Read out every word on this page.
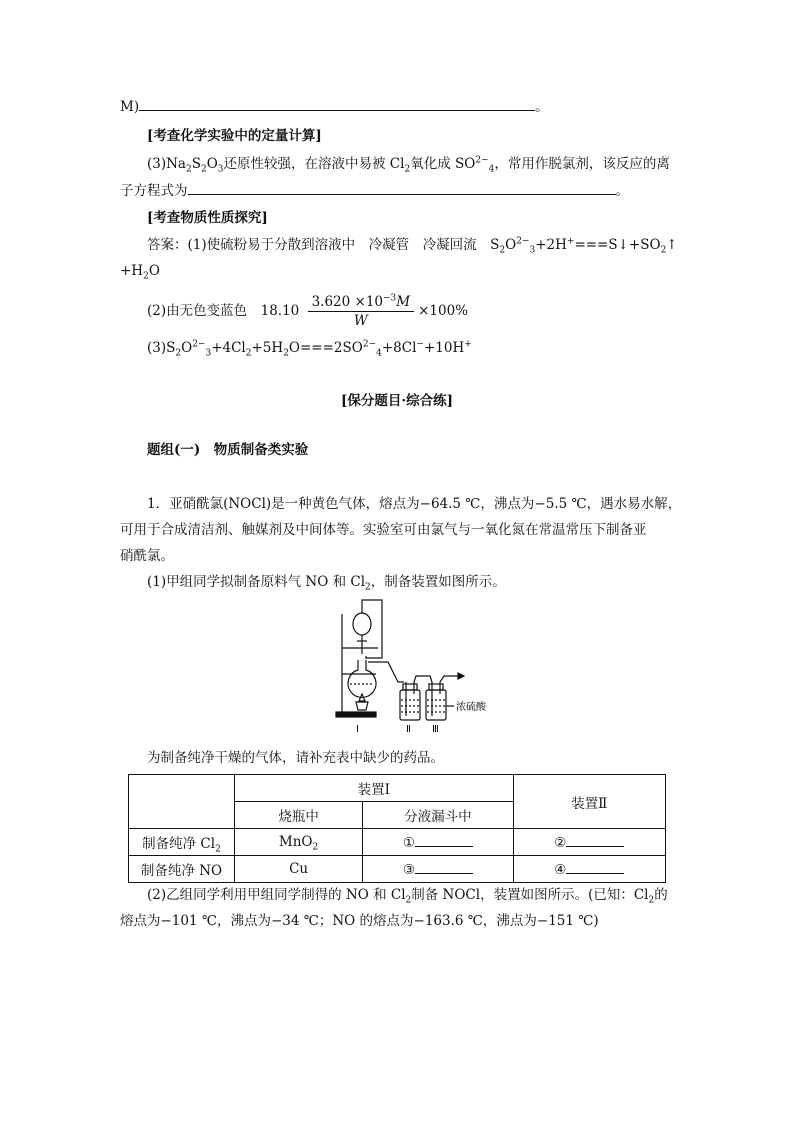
M)	。
[考查化学实验中的定量计算]
$(3)Na_2S_2O_3$还原性较强，在溶液中易被 $Cl_2$氧化成 $SO^{2-}_4$，常用作脱氯剂，该反应的离
子方程式为	。
[考查物质性质探究]
答案：(1)使硫粉易于分散到溶液中　冷凝管　冷凝回流　$S_2O^{2-}_3+2H^+===S↓+SO_2↑$
$+H_2O$
(2)由无色变蓝色　$18.10 \frac{3.620 \times 10^{-3}M}{W} \times 100\%$
$(3)S_2O^{2-}_3+4Cl_2+5H_2O===2SO^{2-}_4+8Cl^-+10H^+$
[保分题目·综合练]
题组(一)　物质制备类实验
1．亚硝酰氯(NOCl)是一种黄色气体，熔点为−64.5 ℃，沸点为−5.5 ℃，遇水易水解，
可用于合成清洁剂、触媒剂及中间体等。实验室可由氯气与一氧化氮在常温常压下制备亚
硝酰氯。
(1)甲组同学拟制备原料气 NO 和 $Cl_2$，制备装置如图所示。
浓硫酸
Ⅰ	Ⅱ Ⅲ
为制备纯净干燥的气体，请补充表中缺少的药品。
	装置Ⅰ		装置Ⅱ
	烧瓶中	分液漏斗中	
制备纯净 $Cl_2$	MnO$_2$	①	②
制备纯净 NO	Cu	③	④
(2)乙组同学利用甲组同学制得的 NO 和 $Cl_2$制备 NOCl，装置如图所示。(已知：$Cl_2$的
熔点为−101 ℃，沸点为−34 ℃；NO 的熔点为−163.6 ℃，沸点为−151 ℃)
